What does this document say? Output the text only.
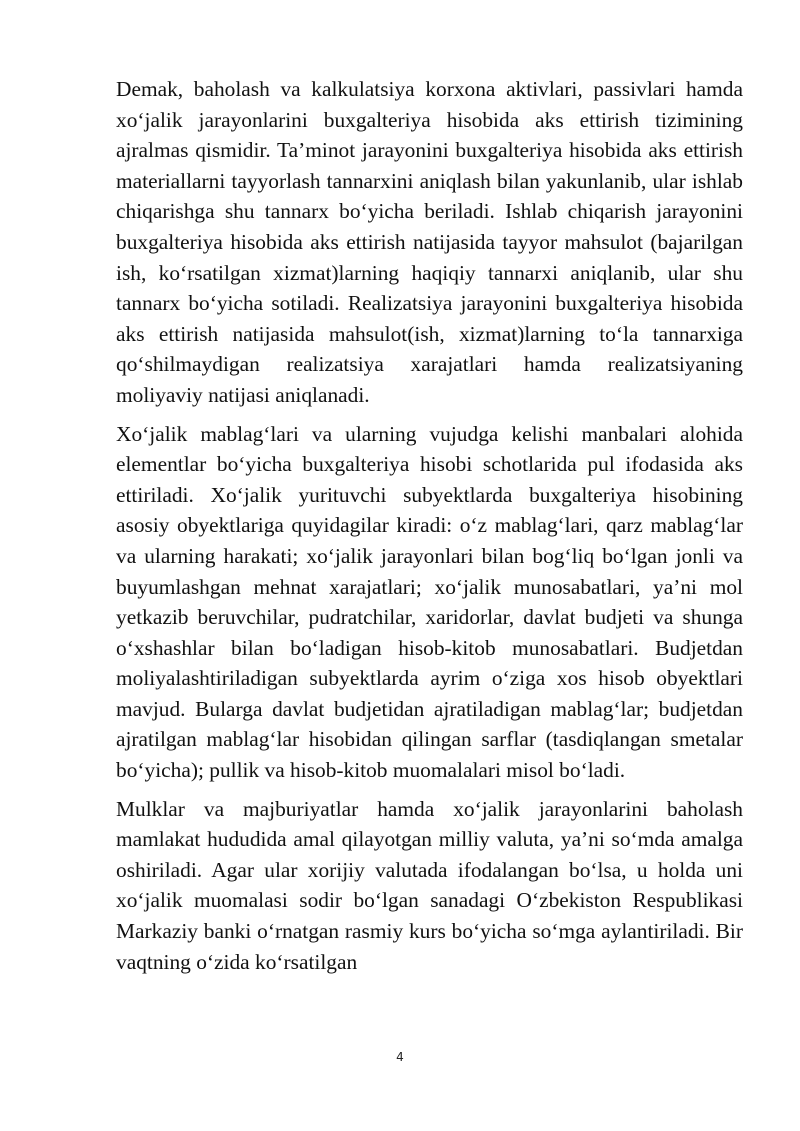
Demak, baholash va kalkulatsiya korxona aktivlari, passivlari hamda xo‘jalik jarayonlarini buxgalteriya hisobida aks ettirish tizimining ajralmas qismidir. Ta’minot jarayonini buxgalteriya hisobida aks ettirish materiallarni tayyorlash tannarxini aniqlash bilan yakunlanib, ular ishlab chiqarishga shu tannarx bo‘yicha beriladi. Ishlab chiqarish jarayonini buxgalteriya hisobida aks ettirish natijasida tayyor mahsulot (bajarilgan ish, ko‘rsatilgan xizmat)larning haqiqiy tannarxi aniqlanib, ular shu tannarx bo‘yicha sotiladi. Realizatsiya jarayonini buxgalteriya hisobida aks ettirish natijasida mahsulot(ish, xizmat)larning to‘la tannarxiga qo‘shilmaydigan realizatsiya xarajatlari hamda realizatsiyaning moliyaviy natijasi aniqlanadi.

Xo‘jalik mablag‘lari va ularning vujudga kelishi manbalari alohida elementlar bo‘yicha buxgalteriya hisobi schotlarida pul ifodasida aks ettiriladi. Xo‘jalik yurituvchi subyektlarda buxgalteriya hisobining asosiy obyektlariga quyidagilar kiradi: o‘z mablag‘lari, qarz mablag‘lar va ularning harakati; xo‘jalik jarayonlari bilan bog‘liq bo‘lgan jonli va buyumlashgan mehnat xarajatlari; xo‘jalik munosabatlari, ya’ni mol yetkazib beruvchilar, pudratchilar, xaridorlar, davlat budjeti va shunga o‘xshashlar bilan bo‘ladigan hisob-kitob munosabatlari. Budjetdan moliyalashtiriladigan subyektlarda ayrim o‘ziga xos hisob obyektlari mavjud. Bularga davlat budjetidan ajratiladigan mablag‘lar; budjetdan ajratilgan mablag‘lar hisobidan qilingan sarflar (tasdiqlangan smetalar bo‘yicha); pullik va hisob-kitob muomalalari misol bo‘ladi.

Mulklar va majburiyatlar hamda xo‘jalik jarayonlarini baholash mamlakat hududida amal qilayotgan milliy valuta, ya’ni so‘mda amalga oshiriladi. Agar ular xorijiy valutada ifodalangan bo‘lsa, u holda uni xo‘jalik muomalasi sodir bo‘lgan sanadagi O‘zbekiston Respublikasi Markaziy banki o‘rnatgan rasmiy kurs bo‘yicha so‘mga aylantiriladi. Bir vaqtning o‘zida ko‘rsatilgan

4
